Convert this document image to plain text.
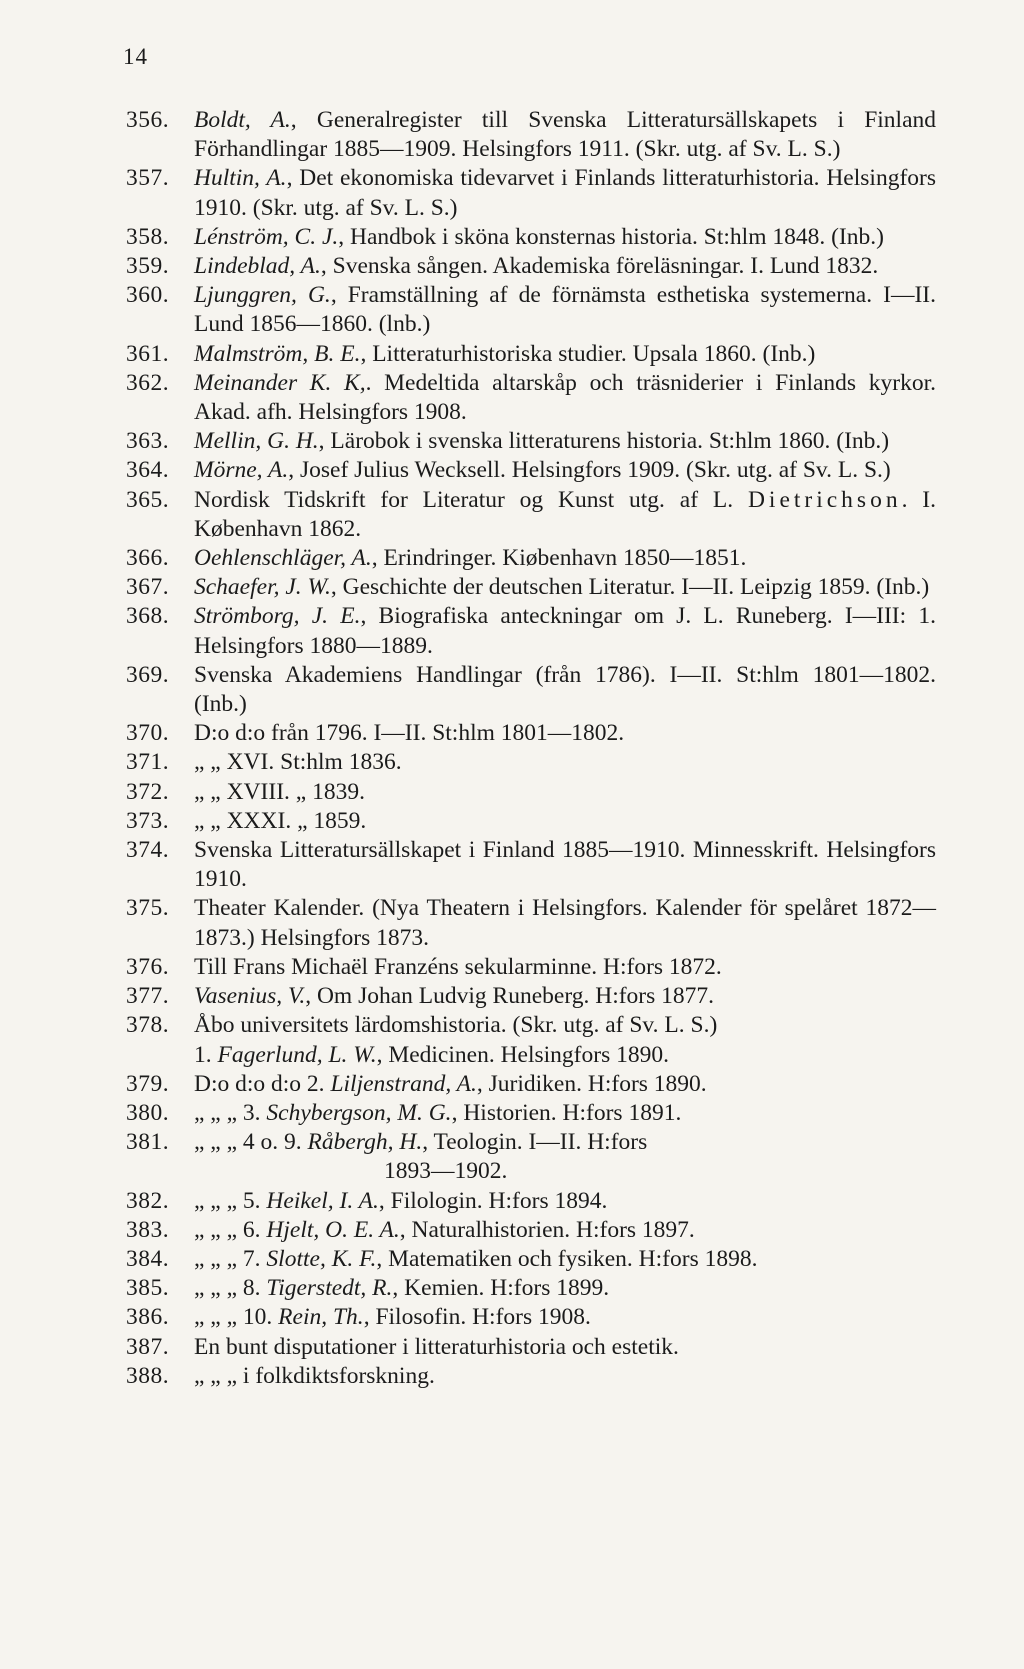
14
356. Boldt, A., Generalregister till Svenska Litteratursällskapets i Finland Förhandlingar 1885—1909. Helsingfors 1911. (Skr. utg. af Sv. L. S.)
357. Hultin, A., Det ekonomiska tidevarvet i Finlands litteraturhistoria. Helsingfors 1910. (Skr. utg. af Sv. L. S.)
358. Lénström, C. J., Handbok i sköna konsternas historia. St:hlm 1848. (Inb.)
359. Lindeblad, A., Svenska sången. Akademiska föreläsningar. I. Lund 1832.
360. Ljunggren, G., Framställning af de förnämsta esthetiska systemerna. I—II. Lund 1856—1860. (lnb.)
361. Malmström, B. E., Litteraturhistoriska studier. Upsala 1860. (Inb.)
362. Meinander K. K,. Medeltida altarskåp och träsniderier i Finlands kyrkor. Akad. afh. Helsingfors 1908.
363. Mellin, G. H., Lärobok i svenska litteraturens historia. St:hlm 1860. (Inb.)
364. Mörne, A., Josef Julius Wecksell. Helsingfors 1909. (Skr. utg. af Sv. L. S.)
365. Nordisk Tidskrift for Literatur og Kunst utg. af L. Dietrichson. I. København 1862.
366. Oehlenschläger, A., Erindringer. Kiøbenhavn 1850—1851.
367. Schaefer, J. W., Geschichte der deutschen Literatur. I—II. Leipzig 1859. (Inb.)
368. Strömborg, J. E., Biografiska anteckningar om J. L. Runeberg. I—III: 1. Helsingfors 1880—1889.
369. Svenska Akademiens Handlingar (från 1786). I—II. St:hlm 1801—1802. (Inb.)
370. D:o d:o från 1796. I—II. St:hlm 1801—1802.
371. „ „ XVI. St:hlm 1836.
372. „ „ XVIII. „ 1839.
373. „ „ XXXI. „ 1859.
374. Svenska Litteratursällskapet i Finland 1885—1910. Minnesskrift. Helsingfors 1910.
375. Theater Kalender. (Nya Theatern i Helsingfors. Kalender för spelåret 1872—1873.) Helsingfors 1873.
376. Till Frans Michaël Franzéns sekularminne. H:fors 1872.
377. Vasenius, V., Om Johan Ludvig Runeberg. H:fors 1877.
378. Åbo universitets lärdomshistoria. (Skr. utg. af Sv. L. S.)
1. Fagerlund, L. W., Medicinen. Helsingfors 1890.
379. D:o d:o d:o 2. Liljenstrand, A., Juridiken. H:fors 1890.
380. „ „ „ 3. Schybergson, M. G., Historien. H:fors 1891.
381. „ „ „ 4 o. 9. Råbergh, H., Teologin. I—II. H:fors
1893—1902.
382. „ „ „ 5. Heikel, I. A., Filologin. H:fors 1894.
383. „ „ „ 6. Hjelt, O. E. A., Naturalhistorien. H:fors 1897.
384. „ „ „ 7. Slotte, K. F., Matematiken och fysiken. H:fors 1898.
385. „ „ „ 8. Tigerstedt, R., Kemien. H:fors 1899.
386. „ „ „ 10. Rein, Th., Filosofin. H:fors 1908.
387. En bunt disputationer i litteraturhistoria och estetik.
388. „ „ „ i folkdiktsforskning.
